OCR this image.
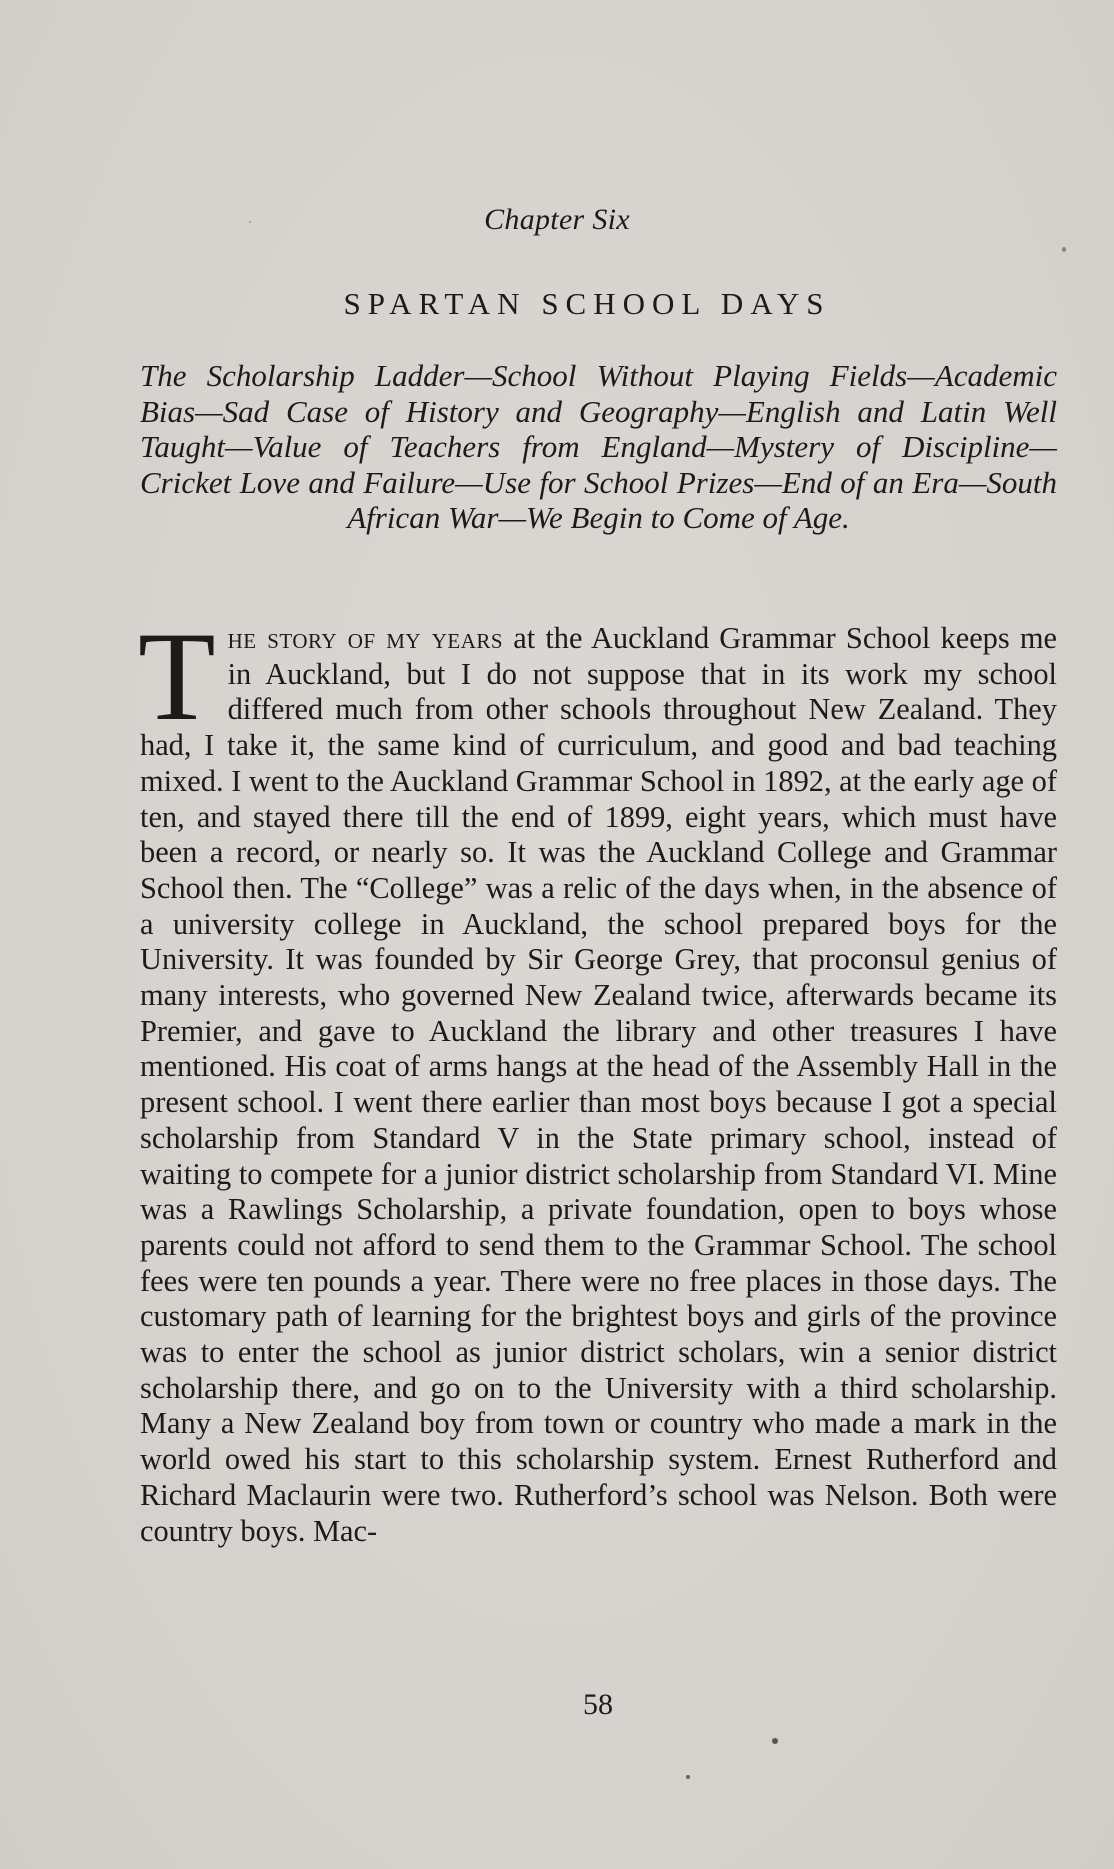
Chapter Six
SPARTAN SCHOOL DAYS
The Scholarship Ladder—School Without Playing Fields—Academic Bias—Sad Case of History and Geography—English and Latin Well Taught—Value of Teachers from England—Mystery of Discipline—Cricket Love and Failure—Use for School Prizes—End of an Era—South African War—We Begin to Come of Age.
The story of my years at the Auckland Grammar School keeps me in Auckland, but I do not suppose that in its work my school differed much from other schools throughout New Zealand. They had, I take it, the same kind of curriculum, and good and bad teaching mixed. I went to the Auckland Grammar School in 1892, at the early age of ten, and stayed there till the end of 1899, eight years, which must have been a record, or nearly so. It was the Auckland College and Grammar School then. The “College” was a relic of the days when, in the absence of a university college in Auckland, the school prepared boys for the University. It was founded by Sir George Grey, that proconsul genius of many interests, who governed New Zealand twice, afterwards became its Premier, and gave to Auckland the library and other treasures I have mentioned. His coat of arms hangs at the head of the Assembly Hall in the present school. I went there earlier than most boys because I got a special scholarship from Standard V in the State primary school, instead of waiting to compete for a junior district scholarship from Standard VI. Mine was a Rawlings Scholarship, a private foundation, open to boys whose parents could not afford to send them to the Grammar School. The school fees were ten pounds a year. There were no free places in those days. The customary path of learning for the brightest boys and girls of the province was to enter the school as junior district scholars, win a senior district scholarship there, and go on to the University with a third scholarship. Many a New Zealand boy from town or country who made a mark in the world owed his start to this scholarship system. Ernest Rutherford and Richard Maclaurin were two. Rutherford’s school was Nelson. Both were country boys. Mac-
58
